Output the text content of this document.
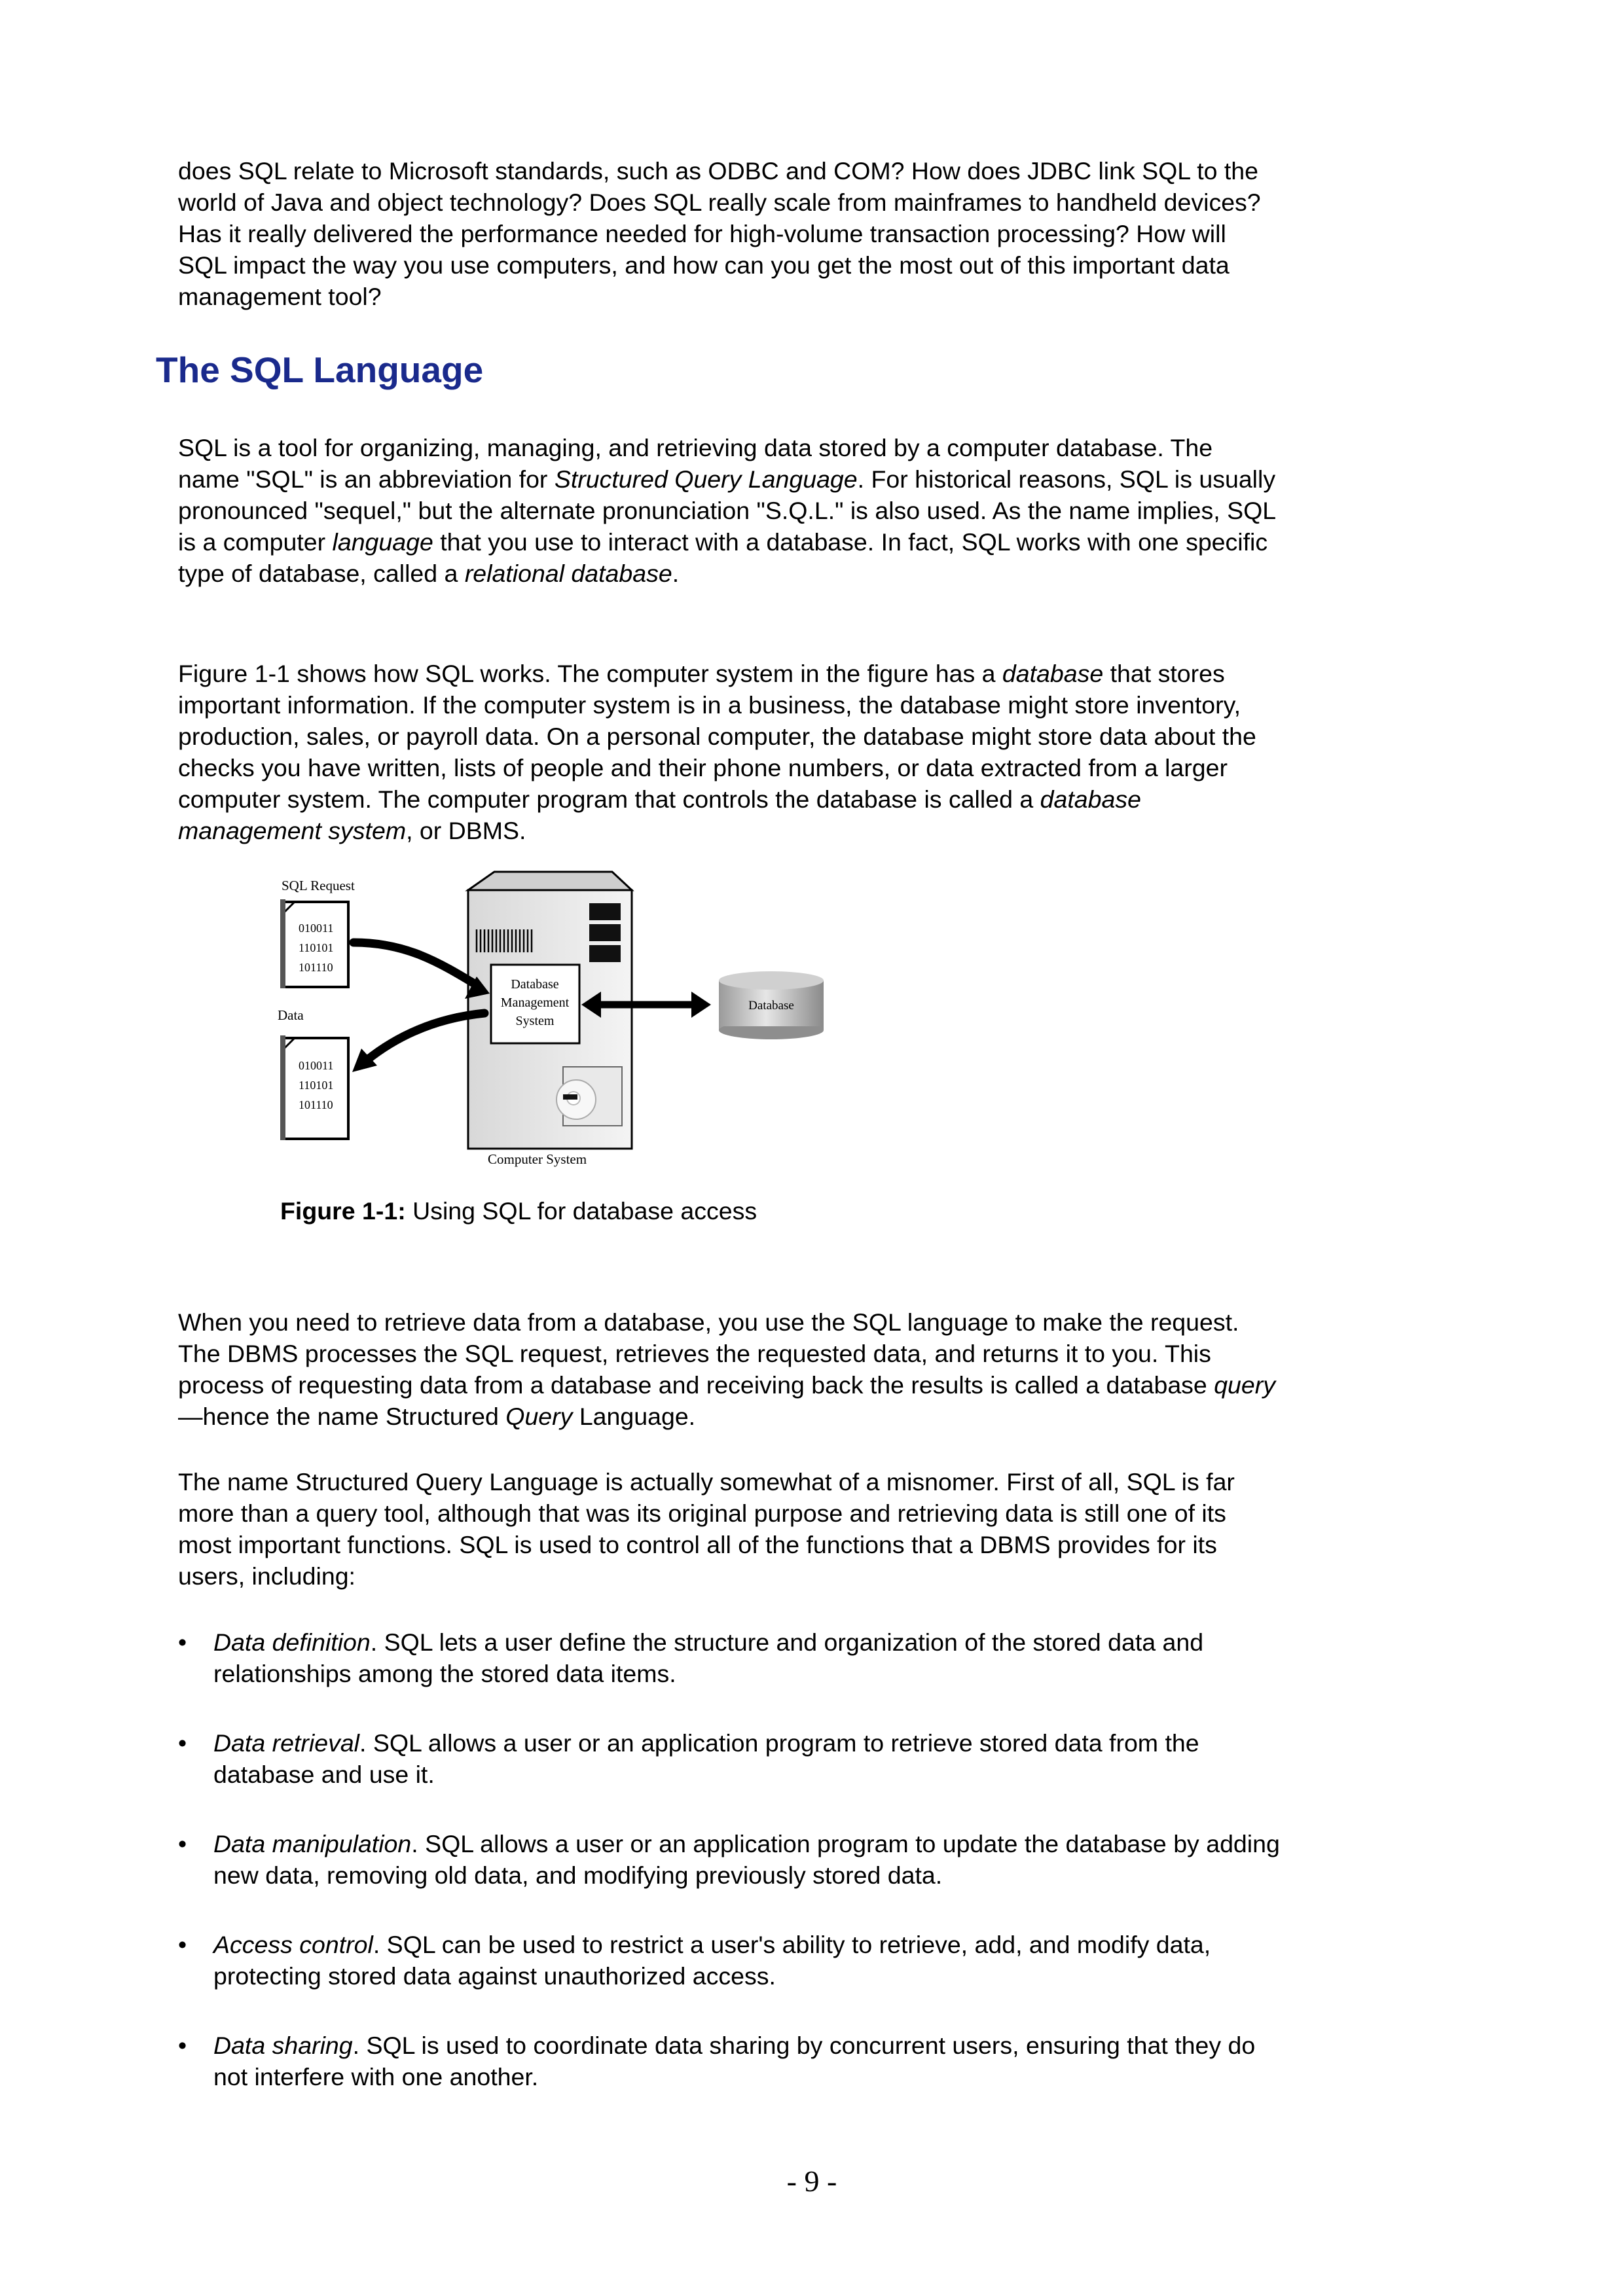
does SQL relate to Microsoft standards, such as ODBC and COM? How does JDBC link SQL to the world of Java and object technology? Does SQL really scale from mainframes to handheld devices? Has it really delivered the performance needed for high-volume transaction processing? How will SQL impact the way you use computers, and how can you get the most out of this important data management tool?

The SQL Language

SQL is a tool for organizing, managing, and retrieving data stored by a computer database. The name "SQL" is an abbreviation for Structured Query Language. For historical reasons, SQL is usually pronounced "sequel," but the alternate pronunciation "S.Q.L." is also used. As the name implies, SQL is a computer language that you use to interact with a database. In fact, SQL works with one specific type of database, called a relational database.

Figure 1-1 shows how SQL works. The computer system in the figure has a database that stores important information. If the computer system is in a business, the database might store inventory, production, sales, or payroll data. On a personal computer, the database might store data about the checks you have written, lists of people and their phone numbers, or data extracted from a larger computer system. The computer program that controls the database is called a database management system, or DBMS.

SQL Request
010011
110101
101110
Data
010011
110101
101110
Computer System
Database
Management
System
Database

Figure 1-1: Using SQL for database access

When you need to retrieve data from a database, you use the SQL language to make the request. The DBMS processes the SQL request, retrieves the requested data, and returns it to you. This process of requesting data from a database and receiving back the results is called a database query—hence the name Structured Query Language.

The name Structured Query Language is actually somewhat of a misnomer. First of all, SQL is far more than a query tool, although that was its original purpose and retrieving data is still one of its most important functions. SQL is used to control all of the functions that a DBMS provides for its users, including:

• Data definition. SQL lets a user define the structure and organization of the stored data and relationships among the stored data items.
• Data retrieval. SQL allows a user or an application program to retrieve stored data from the database and use it.
• Data manipulation. SQL allows a user or an application program to update the database by adding new data, removing old data, and modifying previously stored data.
• Access control. SQL can be used to restrict a user's ability to retrieve, add, and modify data, protecting stored data against unauthorized access.
• Data sharing. SQL is used to coordinate data sharing by concurrent users, ensuring that they do not interfere with one another.

- 9 -
